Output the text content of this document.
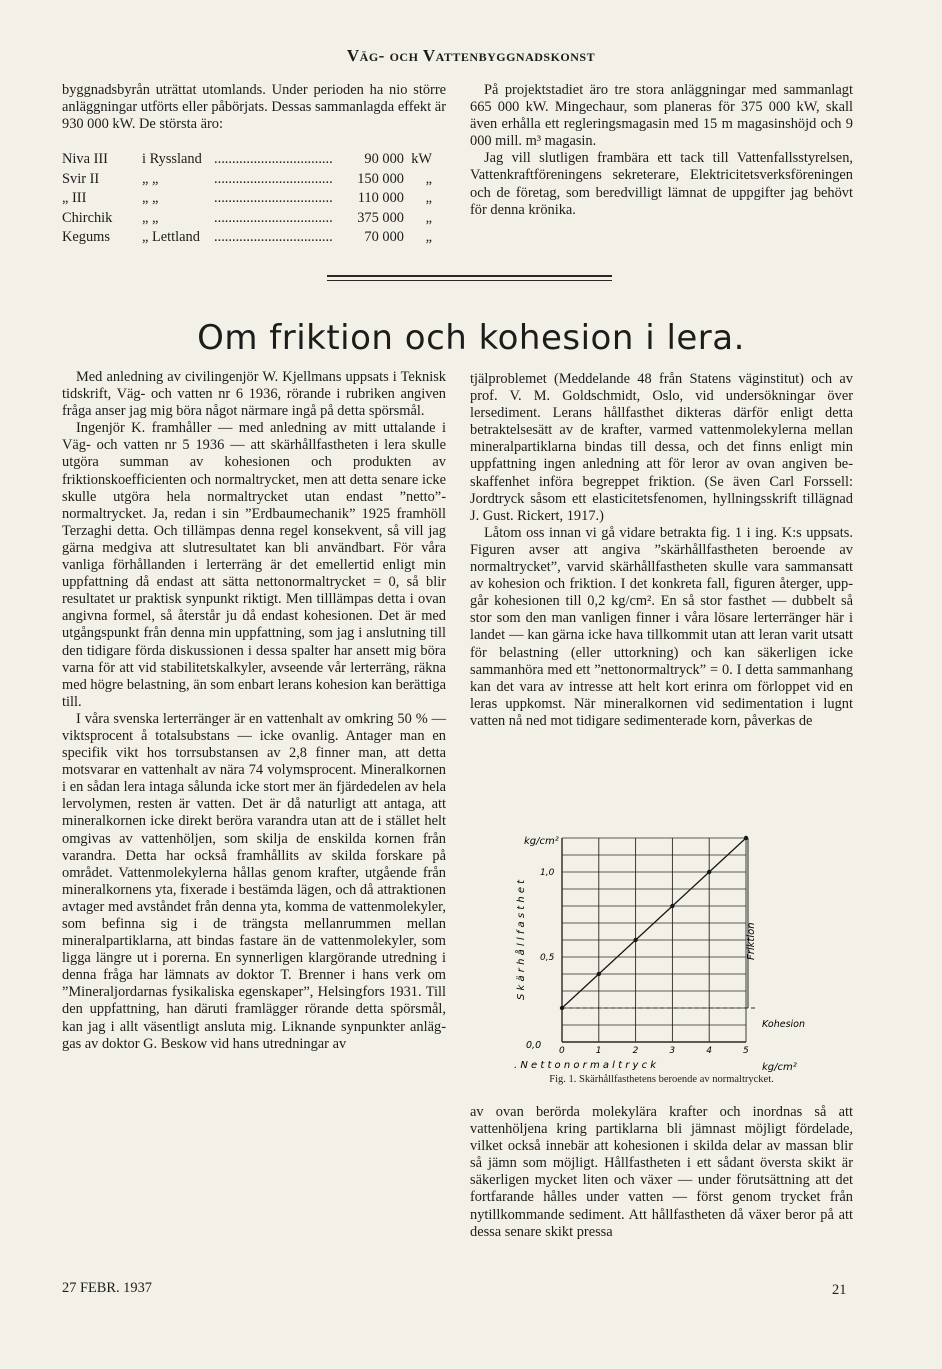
Väg- och Vattenbyggnadskonst

byggnadsbyrån uträttat utomlands. Under perioden ha nio större anläggningar utförts eller påbörjats. Dessas sammanlagda effekt är 930 000 kW. De största äro:

Niva III	i Ryssland	.................................	90 000	kW
Svir II	„ „	.................................	150 000	„
„ III	„ „	.................................	110 000	„
Chirchik	„ „	.................................	375 000	„
Kegums	„ Lettland	.................................	70 000	„

På projektstadiet äro tre stora anläggningar med sammanlagt 665 000 kW. Mingechaur, som planeras för 375 000 kW, skall även erhålla ett regleringsmagasin med 15 m magasinshöjd och 9 000 mill. m³ magasin.

Jag vill slutligen frambära ett tack till Vattenfallsstyrelsen, Vattenkraftföreningens sekreterare, Elektricitetsverksföreningen och de företag, som beredvilligt lämnat de uppgifter jag behövt för denna krönika.

Om friktion och kohesion i lera.

Med anledning av civilingenjör W. Kjellmans uppsats i Teknisk tidskrift, Väg- och vatten nr 6 1936, rörande i rubriken angiven fråga anser jag mig böra något närmare ingå på detta spörsmål.

Ingenjör K. framhåller — med anledning av mitt uttalande i Väg- och vatten nr 5 1936 — att skärhållfastheten i lera skulle utgöra summan av kohesionen och produkten av friktionskoefficienten och normaltrycket, men att detta senare icke skulle utgöra hela normaltrycket utan endast ”netto”-normaltrycket. Ja, redan i sin ”Erdbaumechanik” 1925 framhöll Terzaghi detta. Och tillämpas denna regel konsekvent, så vill jag gärna medgiva att slutresultatet kan bli användbart. För våra vanliga förhållanden i lerterräng är det emellertid enligt min uppfattning då endast att sätta nettonormaltrycket = 0, så blir resultatet ur praktisk synpunkt riktigt. Men tilllämpas detta i ovan angivna formel, så återstår ju då endast kohesionen. Det är med utgångspunkt från denna min uppfattning, som jag i anslutning till den tidigare förda diskussionen i dessa spalter har ansett mig böra varna för att vid stabilitetskalkyler, avseende vår lerterräng, räkna med högre belastning, än som enbart lerans kohesion kan berättiga till.

I våra svenska lerterränger är en vattenhalt av omkring 50 % — viktsprocent å totalsubstans — icke ovanlig. Antager man en specifik vikt hos torrsubstansen av 2,8 finner man, att detta motsvarar en vattenhalt av nära 74 volymsprocent. Mineralkornen i en sådan lera intaga sålunda icke stort mer än fjärdedelen av hela lervolymen, resten är vatten. Det är då naturligt att antaga, att mineralkornen icke direkt beröra varandra utan att de i stället helt omgivas av vattenhöljen, som skilja de enskilda kornen från varandra. Detta har också framhållits av skilda forskare på området. Vattenmolekylerna hållas genom krafter, utgående från mineralkornens yta, fixerade i bestämda lägen, och då attraktionen avtager med avståndet från denna yta, komma de vattenmolekyler, som befinna sig i de trängsta mellanrummen mellan mineralpartiklarna, att bindas fastare än de vattenmolekyler, som ligga längre ut i porerna. En synnerligen klargörande utredning i denna fråga har lämnats av doktor T. Brenner i hans verk om ”Mineraljordarnas fysikaliska egenskaper”, Helsingfors 1931. Till den uppfattning, han däruti framlägger rörande detta spörsmål, kan jag i allt väsentligt ansluta mig. Liknande synpunkter anläggas av doktor G. Beskow vid hans utredningar av

tjälproblemet (Meddelande 48 från Statens väginstitut) och av prof. V. M. Goldschmidt, Oslo, vid undersökningar över lersediment. Lerans hållfasthet dikteras därför enligt detta betraktelsesätt av de krafter, varmed vattenmolekylerna mellan mineralpartiklarna bindas till dessa, och det finns enligt min uppfattning ingen anledning att för leror av ovan angiven beskaffenhet införa begreppet friktion. (Se även Carl Forssell: Jordtryck såsom ett elasticitetsfenomen, hyllningsskrift tillägnad J. Gust. Rickert, 1917.)

Låtom oss innan vi gå vidare betrakta fig. 1 i ing. K:s uppsats. Figuren avser att angiva ”skärhållfastheten beroende av normaltrycket”, varvid skärhållfastheten skulle vara sammansatt av kohesion och friktion. I det konkreta fall, figuren återger, uppgår kohesionen till 0,2 kg/cm². En så stor fasthet — dubbelt så stor som den man vanligen finner i våra lösare lerterränger här i landet — kan gärna icke hava tillkommit utan att leran varit utsatt för belastning (eller uttorkning) och kan säkerligen icke sammanhöra med ett ”nettonormaltryck” = 0. I detta sammanhang kan det vara av intresse att helt kort erinra om förloppet vid en leras uppkomst. När mineralkornen vid sedimentation i lugnt vatten nå ned mot tidigare sedimenterade korn, påverkas de

0	1	2	3	4	5
0,5
1,0
kg/cm²
. N e t t o n o r m a l t r y c k	kg/cm²
0,0
Kohesion
S k ä r h å l l f a s t h e t	Friktion
Fig. 1. Skärhållfasthetens beroende av normaltrycket.

av ovan berörda molekylära krafter och inordnas så att vattenhöljena kring partiklarna bli jämnast möjligt fördelade, vilket också innebär att kohesionen i skilda delar av massan blir så jämn som möjligt. Hållfastheten i ett sådant översta skikt är säkerligen mycket liten och växer — under förutsättning att det fortfarande hålles under vatten — först genom trycket från nytillkommande sediment. Att hållfastheten då växer beror på att dessa senare skikt pressa

27 FEBR. 1937	21
